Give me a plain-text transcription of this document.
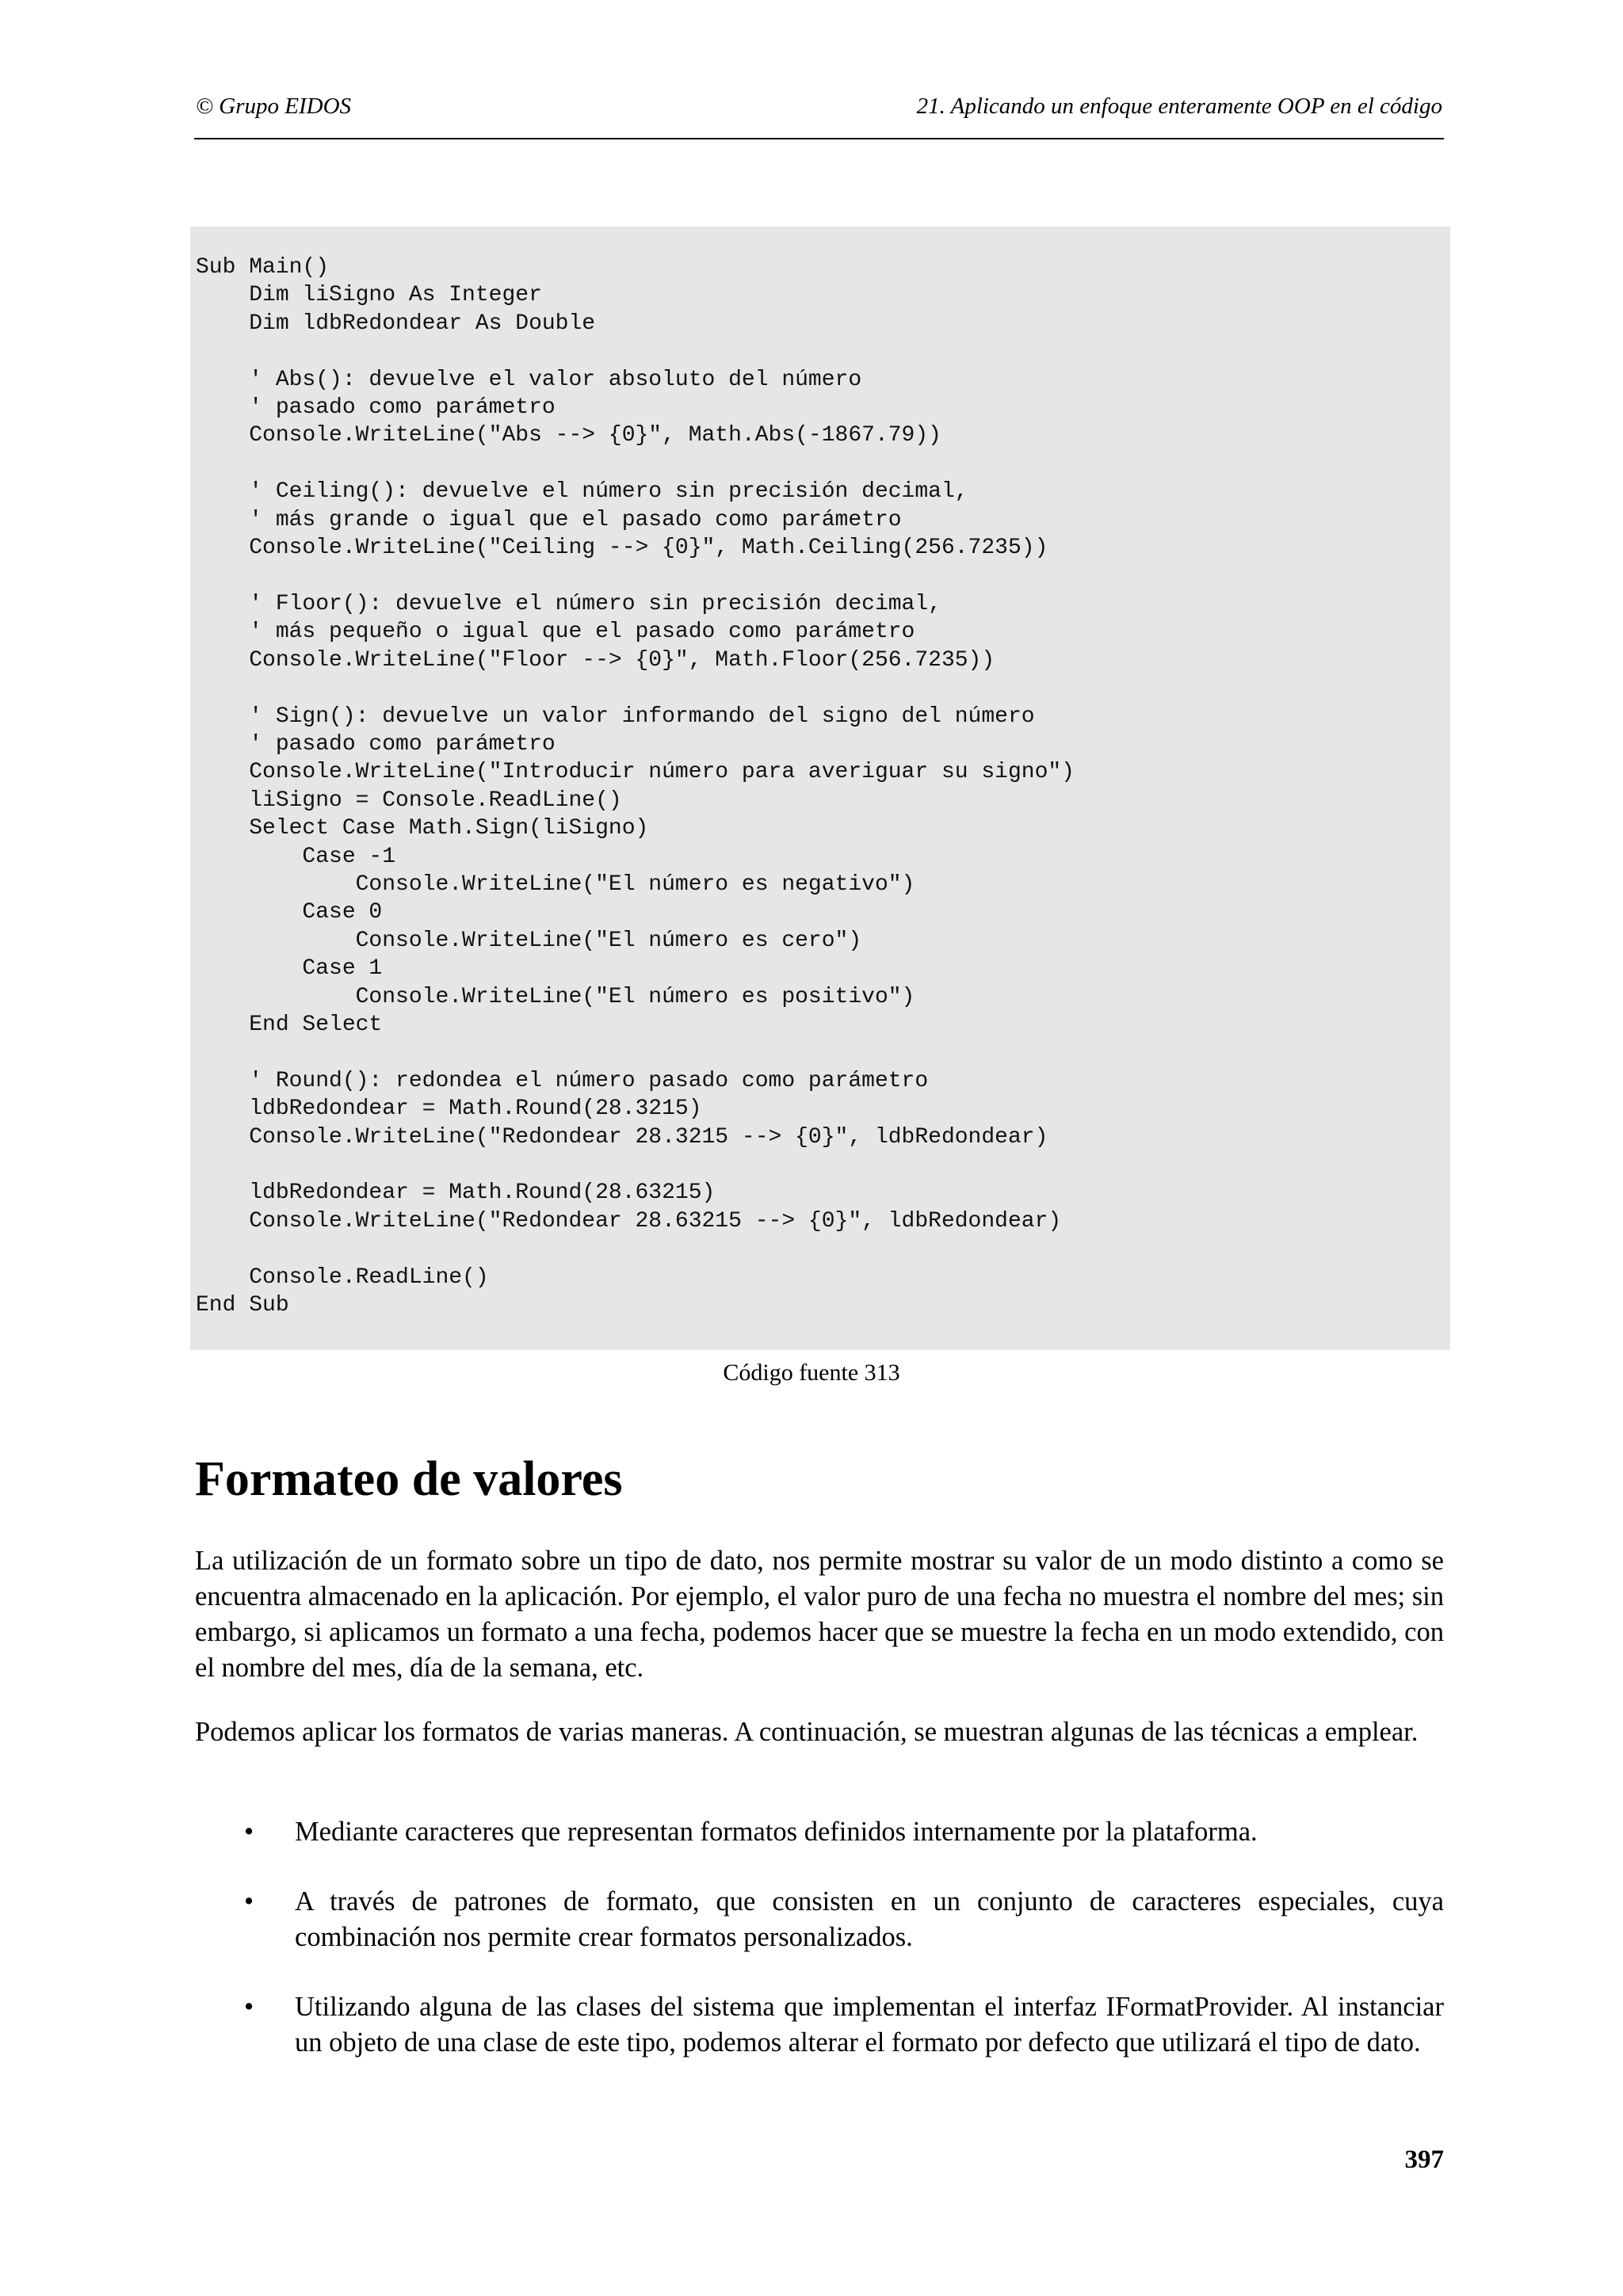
© Grupo EIDOS	21. Aplicando un enfoque enteramente OOP en el código
Sub Main()
Dim liSigno As Integer
Dim ldbRedondear As Double

' Abs(): devuelve el valor absoluto del número
' pasado como parámetro
Console.WriteLine("Abs --> {0}", Math.Abs(-1867.79))

' Ceiling(): devuelve el número sin precisión decimal,
' más grande o igual que el pasado como parámetro
Console.WriteLine("Ceiling --> {0}", Math.Ceiling(256.7235))

' Floor(): devuelve el número sin precisión decimal,
' más pequeño o igual que el pasado como parámetro
Console.WriteLine("Floor --> {0}", Math.Floor(256.7235))

' Sign(): devuelve un valor informando del signo del número
' pasado como parámetro
Console.WriteLine("Introducir número para averiguar su signo")
liSigno = Console.ReadLine()
Select Case Math.Sign(liSigno)
Case -1
Console.WriteLine("El número es negativo")
Case 0
Console.WriteLine("El número es cero")
Case 1
Console.WriteLine("El número es positivo")
End Select

' Round(): redondea el número pasado como parámetro
ldbRedondear = Math.Round(28.3215)
Console.WriteLine("Redondear 28.3215 --> {0}", ldbRedondear)

ldbRedondear = Math.Round(28.63215)
Console.WriteLine("Redondear 28.63215 --> {0}", ldbRedondear)

Console.ReadLine()
End Sub
Código fuente 313
Formateo de valores

La utilización de un formato sobre un tipo de dato, nos permite mostrar su valor de un modo distinto a como se encuentra almacenado en la aplicación. Por ejemplo, el valor puro de una fecha no muestra el nombre del mes; sin embargo, si aplicamos un formato a una fecha, podemos hacer que se muestre la fecha en un modo extendido, con el nombre del mes, día de la semana, etc.

Podemos aplicar los formatos de varias maneras. A continuación, se muestran algunas de las técnicas a emplear.

• Mediante caracteres que representan formatos definidos internamente por la plataforma.
• A través de patrones de formato, que consisten en un conjunto de caracteres especiales, cuya combinación nos permite crear formatos personalizados.
• Utilizando alguna de las clases del sistema que implementan el interfaz IFormatProvider. Al instanciar un objeto de una clase de este tipo, podemos alterar el formato por defecto que utilizará el tipo de dato.
397
